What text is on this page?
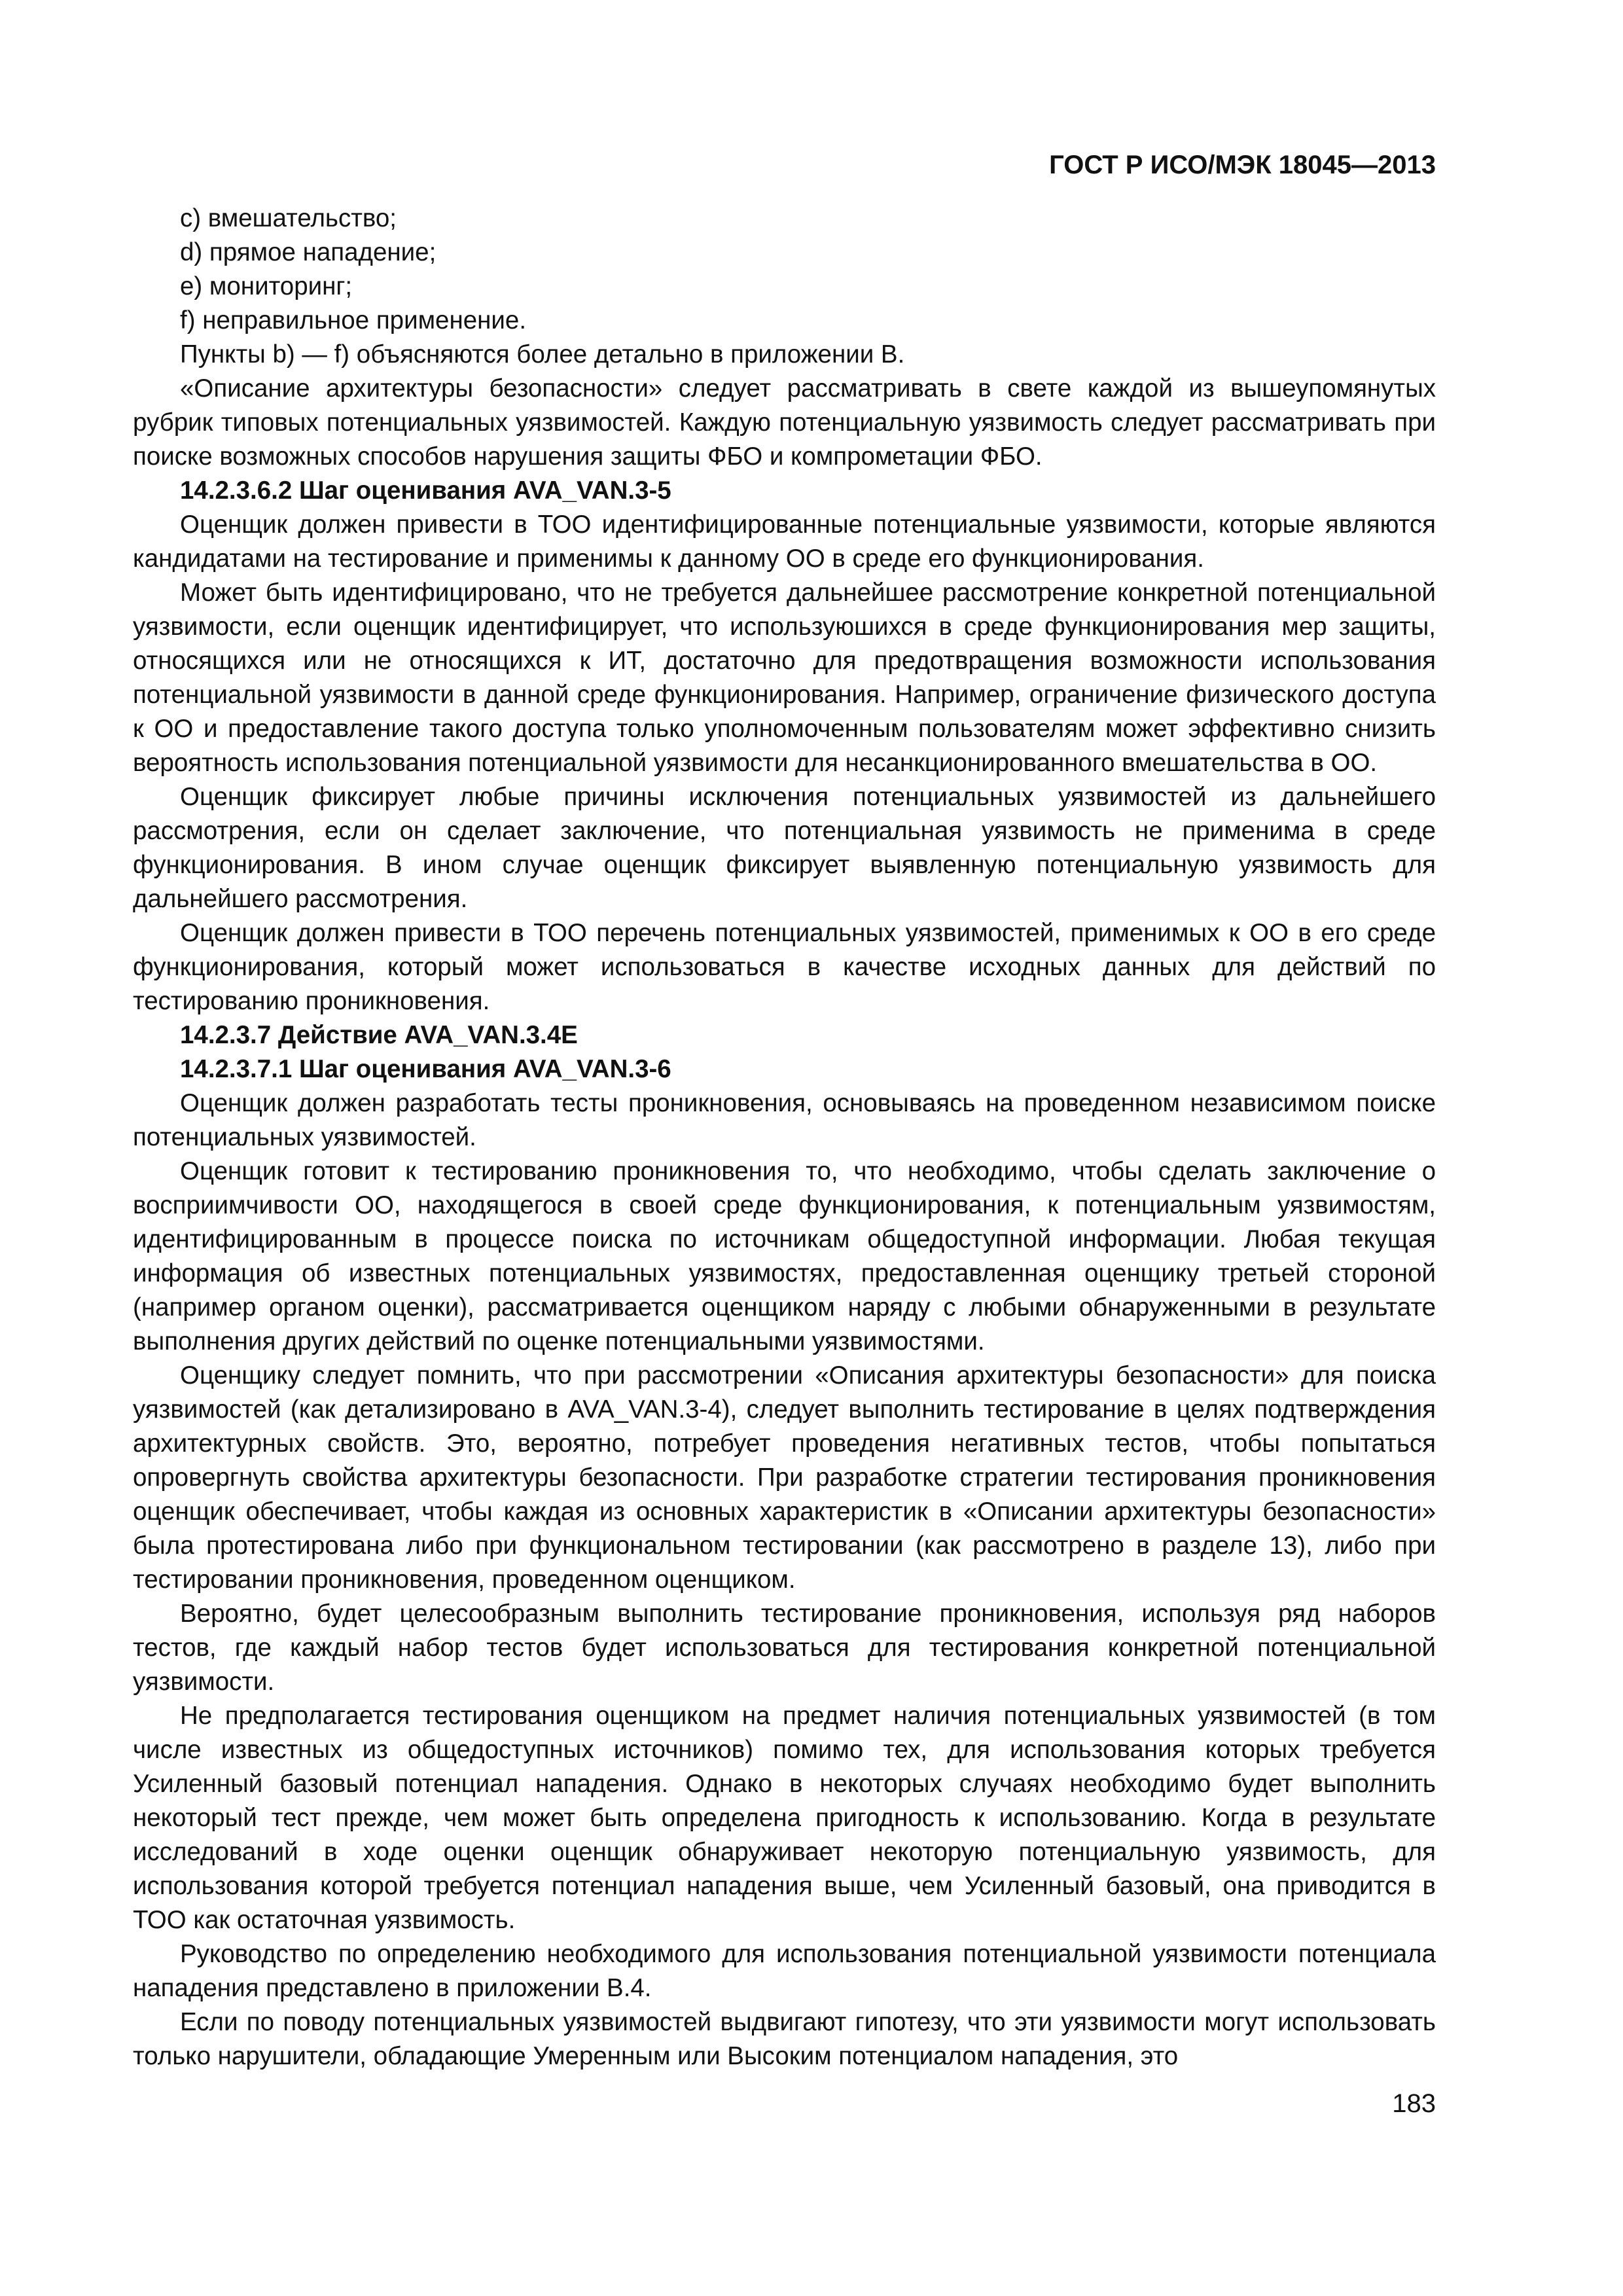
ГОСТ Р ИСО/МЭК 18045—2013

c) вмешательство;

d) прямое нападение;

e) мониторинг;

f) неправильное применение.

Пункты b) — f) объясняются более детально в приложении В.

«Описание архитектуры безопасности» следует рассматривать в свете каждой из вышеупомянутых рубрик типовых потенциальных уязвимостей. Каждую потенциальную уязвимость следует рассматривать при поиске возможных способов нарушения защиты ФБО и компрометации ФБО.

14.2.3.6.2 Шаг оценивания AVA_VAN.3-5

Оценщик должен привести в ТОО идентифицированные потенциальные уязвимости, которые являются кандидатами на тестирование и применимы к данному ОО в среде его функционирования.

Может быть идентифицировано, что не требуется дальнейшее рассмотрение конкретной потенциальной уязвимости, если оценщик идентифицирует, что используюшихся в среде функционирования мер защиты, относящихся или не относящихся к ИТ, достаточно для предотвращения возможности использования потенциальной уязвимости в данной среде функционирования. Например, ограничение физического доступа к ОО и предоставление такого доступа только уполномоченным пользователям может эффективно снизить вероятность использования потенциальной уязвимости для несанкционированного вмешательства в ОО.

Оценщик фиксирует любые причины исключения потенциальных уязвимостей из дальнейшего рассмотрения, если он сделает заключение, что потенциальная уязвимость не применима в среде функционирования. В ином случае оценщик фиксирует выявленную потенциальную уязвимость для дальнейшего рассмотрения.

Оценщик должен привести в ТОО перечень потенциальных уязвимостей, применимых к ОО в его среде функционирования, который может использоваться в качестве исходных данных для действий по тестированию проникновения.

14.2.3.7 Действие AVA_VAN.3.4E

14.2.3.7.1 Шаг оценивания AVA_VAN.3-6

Оценщик должен разработать тесты проникновения, основываясь на проведенном независимом поиске потенциальных уязвимостей.

Оценщик готовит к тестированию проникновения то, что необходимо, чтобы сделать заключение о восприимчивости ОО, находящегося в своей среде функционирования, к потенциальным уязвимостям, идентифицированным в процессе поиска по источникам общедоступной информации. Любая текущая информация об известных потенциальных уязвимостях, предоставленная оценщику третьей стороной (например органом оценки), рассматривается оценщиком наряду с любыми обнаруженными в результате выполнения других действий по оценке потенциальными уязвимостями.

Оценщику следует помнить, что при рассмотрении «Описания архитектуры безопасности» для поиска уязвимостей (как детализировано в AVA_VAN.3-4), следует выполнить тестирование в целях подтверждения архитектурных свойств. Это, вероятно, потребует проведения негативных тестов, чтобы попытаться опровергнуть свойства архитектуры безопасности. При разработке стратегии тестирования проникновения оценщик обеспечивает, чтобы каждая из основных характеристик в «Описании архитектуры безопасности» была протестирована либо при функциональном тестировании (как рассмотрено в разделе 13), либо при тестировании проникновения, проведенном оценщиком.

Вероятно, будет целесообразным выполнить тестирование проникновения, используя ряд наборов тестов, где каждый набор тестов будет использоваться для тестирования конкретной потенциальной уязвимости.

Не предполагается тестирования оценщиком на предмет наличия потенциальных уязвимостей (в том числе известных из общедоступных источников) помимо тех, для использования которых требуется Усиленный базовый потенциал нападения. Однако в некоторых случаях необходимо будет выполнить некоторый тест прежде, чем может быть определена пригодность к использованию. Когда в результате исследований в ходе оценки оценщик обнаруживает некоторую потенциальную уязвимость, для использования которой требуется потенциал нападения выше, чем Усиленный базовый, она приводится в ТОО как остаточная уязвимость.

Руководство по определению необходимого для использования потенциальной уязвимости потенциала нападения представлено в приложении В.4.

Если по поводу потенциальных уязвимостей выдвигают гипотезу, что эти уязвимости могут использовать только нарушители, обладающие Умеренным или Высоким потенциалом нападения, это

183
